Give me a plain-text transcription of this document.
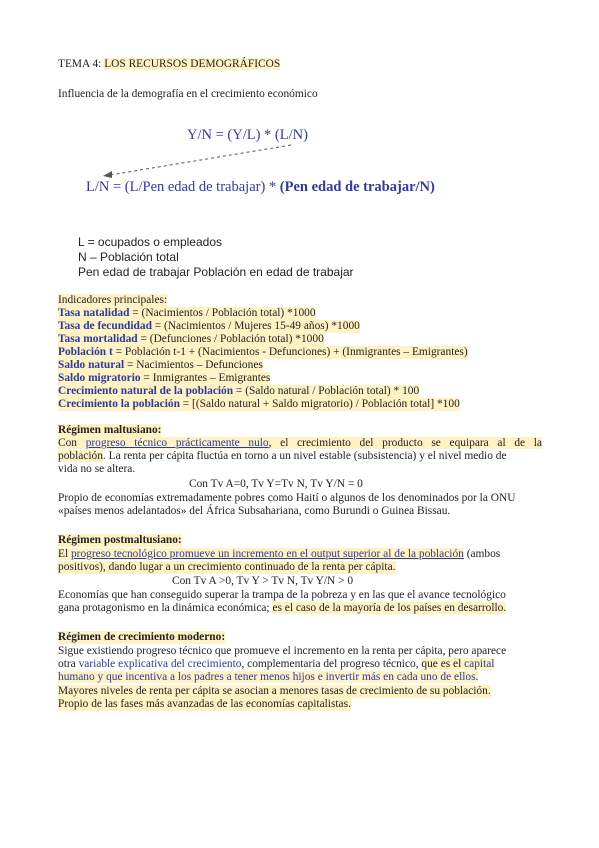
TEMA 4: LOS RECURSOS DEMOGRÁFICOS
Influencia de la demografía en el crecimiento económico
Y/N = (Y/L) * (L/N)
L/N = (L/Pen edad de trabajar) * (Pen edad de trabajar/N)
L = ocupados o empleados
N – Población total
Pen edad de trabajar Población en edad de trabajar
Indicadores principales:
Tasa natalidad = (Nacimientos / Población total) *1000
Tasa de fecundidad = (Nacimientos / Mujeres 15-49 años) *1000
Tasa mortalidad = (Defunciones / Población total) *1000
Población t = Población t-1 + (Nacimientos - Defunciones) + (Inmigrantes – Emigrantes)
Saldo natural = Nacimientos – Defunciones
Saldo migratorio = Inmigrantes – Emigrantes
Crecimiento natural de la población = (Saldo natural / Población total) * 100
Crecimiento la población = [(Saldo natural + Saldo migratorio) / Población total] *100
Régimen maltusiano:
Con progreso técnico prácticamente nulo, el crecimiento del producto se equipara al de la
población. La renta per cápita fluctúa en torno a un nivel estable (subsistencia) y el nivel medio de
vida no se altera.
Con Tv A=0, Tv Y=Tv N, Tv Y/N = 0
Propio de economías extremadamente pobres como Haití o algunos de los denominados por la ONU
«países menos adelantados» del África Subsahariana, como Burundi o Guinea Bissau.
Régimen postmaltusiano:
El progreso tecnológico promueve un incremento en el output superior al de la población (ambos
positivos), dando lugar a un crecimiento continuado de la renta per cápita.
Con Tv A >0, Tv Y > Tv N, Tv Y/N > 0
Economías que han conseguido superar la trampa de la pobreza y en las que el avance tecnológico
gana protagonismo en la dinámica económica; es el caso de la mayoría de los países en desarrollo.
Régimen de crecimiento moderno:
Sigue existiendo progreso técnico que promueve el incremento en la renta per cápita, pero aparece
otra variable explicativa del crecimiento, complementaria del progreso técnico, que es el capital
humano y que incentiva a los padres a tener menos hijos e invertir más en cada uno de ellos.
Mayores niveles de renta per cápita se asocian a menores tasas de crecimiento de su población.
Propio de las fases más avanzadas de las economías capitalistas.
